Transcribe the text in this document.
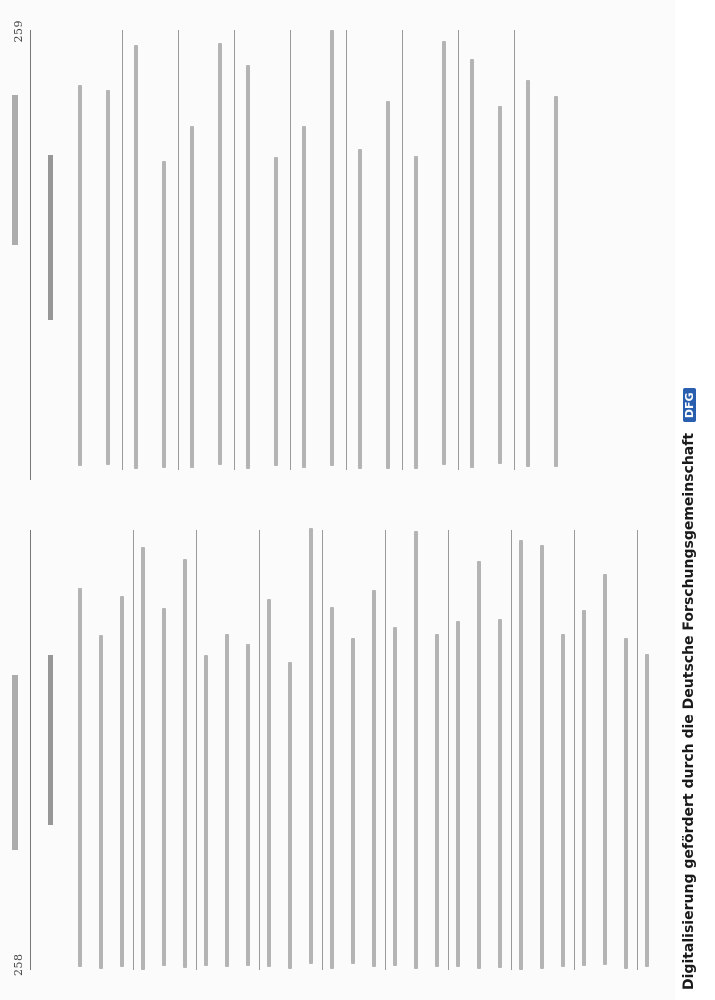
258
259
Digitalisierung gefördert durch die Deutsche Forschungsgemeinschaft DFG
